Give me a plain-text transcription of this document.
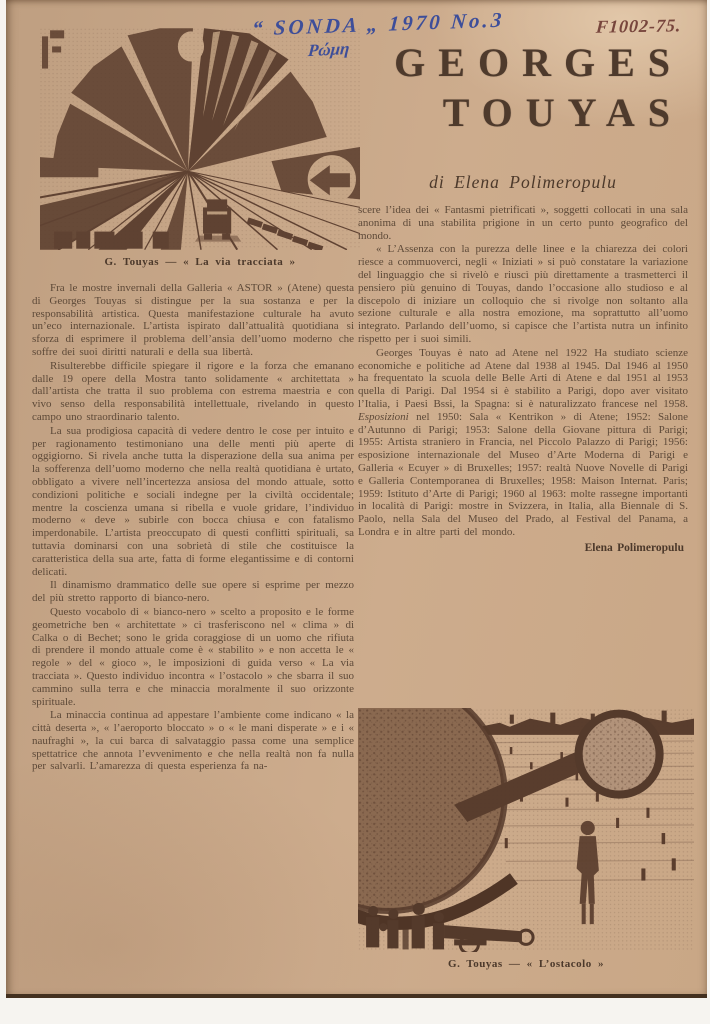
“ SONDA „ 1970 No.3
Ρώμη
F1002-75.
GEORGES
TOUYAS
di Elena Polimeropulu
G. Touyas — « La via tracciata »

Fra le mostre invernali della Galleria « ASTOR » (Atene) questa di Georges Touyas si distingue per la sua sostanza e per la responsabilità artistica. Questa manifestazione culturale ha avuto un’eco internazionale. L’artista ispirato dall’attualità quotidiana si sforza di esprimere il problema dell’ansia dell’uomo moderno che soffre dei suoi diritti naturali e della sua libertà.

Risulterebbe difficile spiegare il rigore e la forza che emanano dalle 19 opere della Mostra tanto solidamente « architettata » dall’artista che tratta il suo problema con estrema maestria e con vivo senso della responsabilità intellettuale, rivelando in questo campo uno straordinario talento.

La sua prodigiosa capacità di vedere dentro le cose per intuito e per ragionamento testimoniano una delle menti più aperte di oggigiorno. Si rivela anche tutta la disperazione della sua anima per la sofferenza dell’uomo moderno che nella realtà quotidiana è urtato, obbligato a vivere nell’incertezza ansiosa del mondo attuale, sotto condizioni politiche e sociali indegne per la civiltà occidentale; mentre la coscienza umana si ribella e vuole gridare, l’individuo moderno « deve » subirle con bocca chiusa e con fatalismo imperdonabile. L’artista preoccupato di questi conflitti spirituali, sa tuttavia dominarsi con una sobrietà di stile che costituisce la caratteristica della sua arte, fatta di forme elegantissime e di contorni delicati.

Il dinamismo drammatico delle sue opere si esprime per mezzo del più stretto rapporto di bianco-nero.

Questo vocabolo di « bianco-nero » scelto a proposito e le forme geometriche ben « architettate » ci trasferiscono nel « clima » di Calka o di Bechet; sono le grida coraggiose di un uomo che rifiuta di prendere il mondo attuale come è « stabilito » e non accetta le « regole » del « gioco », le imposizioni di guida verso « La via tracciata ». Questo individuo incontra « l’ostacolo » che sbarra il suo cammino sulla terra e che minaccia moralmente il suo orizzonte spirituale.

La minaccia continua ad appestare l’ambiente come indicano « la città deserta », « l’aeroporto bloccato » o « le mani disperate » e i « naufraghi », la cui barca di salvataggio passa come una semplice spettatrice che annota l’evvenimento e che nella realtà non fa nulla per salvarli. L’amarezza di questa esperienza fa na-

scere l’idea dei « Fantasmi pietrificati », soggetti collocati in una sala anonima di una stabilita prigione in un certo punto geografico del mondo.

« L’Assenza con la purezza delle linee e la chiarezza dei colori riesce a commuoverci, negli « Iniziati » si può constatare la variazione del linguaggio che si rivelò e riuscì più direttamente a trasmetterci il pensiero più genuino di Touyas, dando l’occasione allo studioso e al discepolo di iniziare un colloquio che si rivolge non soltanto alla sezione culturale e alla nostra emozione, ma soprattutto all’uomo integrato. Parlando dell’uomo, si capisce che l’artista nutra un infinito rispetto per i suoi simili.

Georges Touyas è nato ad Atene nel 1922 Ha studiato scienze economiche e politiche ad Atene dal 1938 al 1945. Dal 1946 al 1950 ha frequentato la scuola delle Belle Arti di Atene e dal 1951 al 1953 quella di Parigi. Dal 1954 si è stabilito a Parigi, dopo aver visitato l’Italia, i Paesi Bssi, la Spagna: si è naturalizzato francese nel 1958. Esposizioni nel 1950: Sala « Kentrikon » di Atene; 1952: Salone d’Autunno di Parigi; 1953: Salone della Giovane pittura di Parigi; 1955: Artista straniero in Francia, nel Piccolo Palazzo di Parigi; 1956: esposizione internazionale del Museo d’Arte Moderna di Parigi e Galleria « Ecuyer » di Bruxelles; 1957: realtà Nuove Novelle di Parigi e Galleria Contemporanea di Bruxelles; 1958: Maison Internat. Paris; 1959: Istituto d’Arte di Parigi; 1960 al 1963: molte rassegne importanti in località di Parigi: mostre in Svizzera, in Italia, alla Biennale di S. Paolo, nella Sala del Museo del Prado, al Festival del Panama, a Londra e in altre parti del mondo.

Elena Polimeropulu
G. Touyas — « L’ostacolo »
